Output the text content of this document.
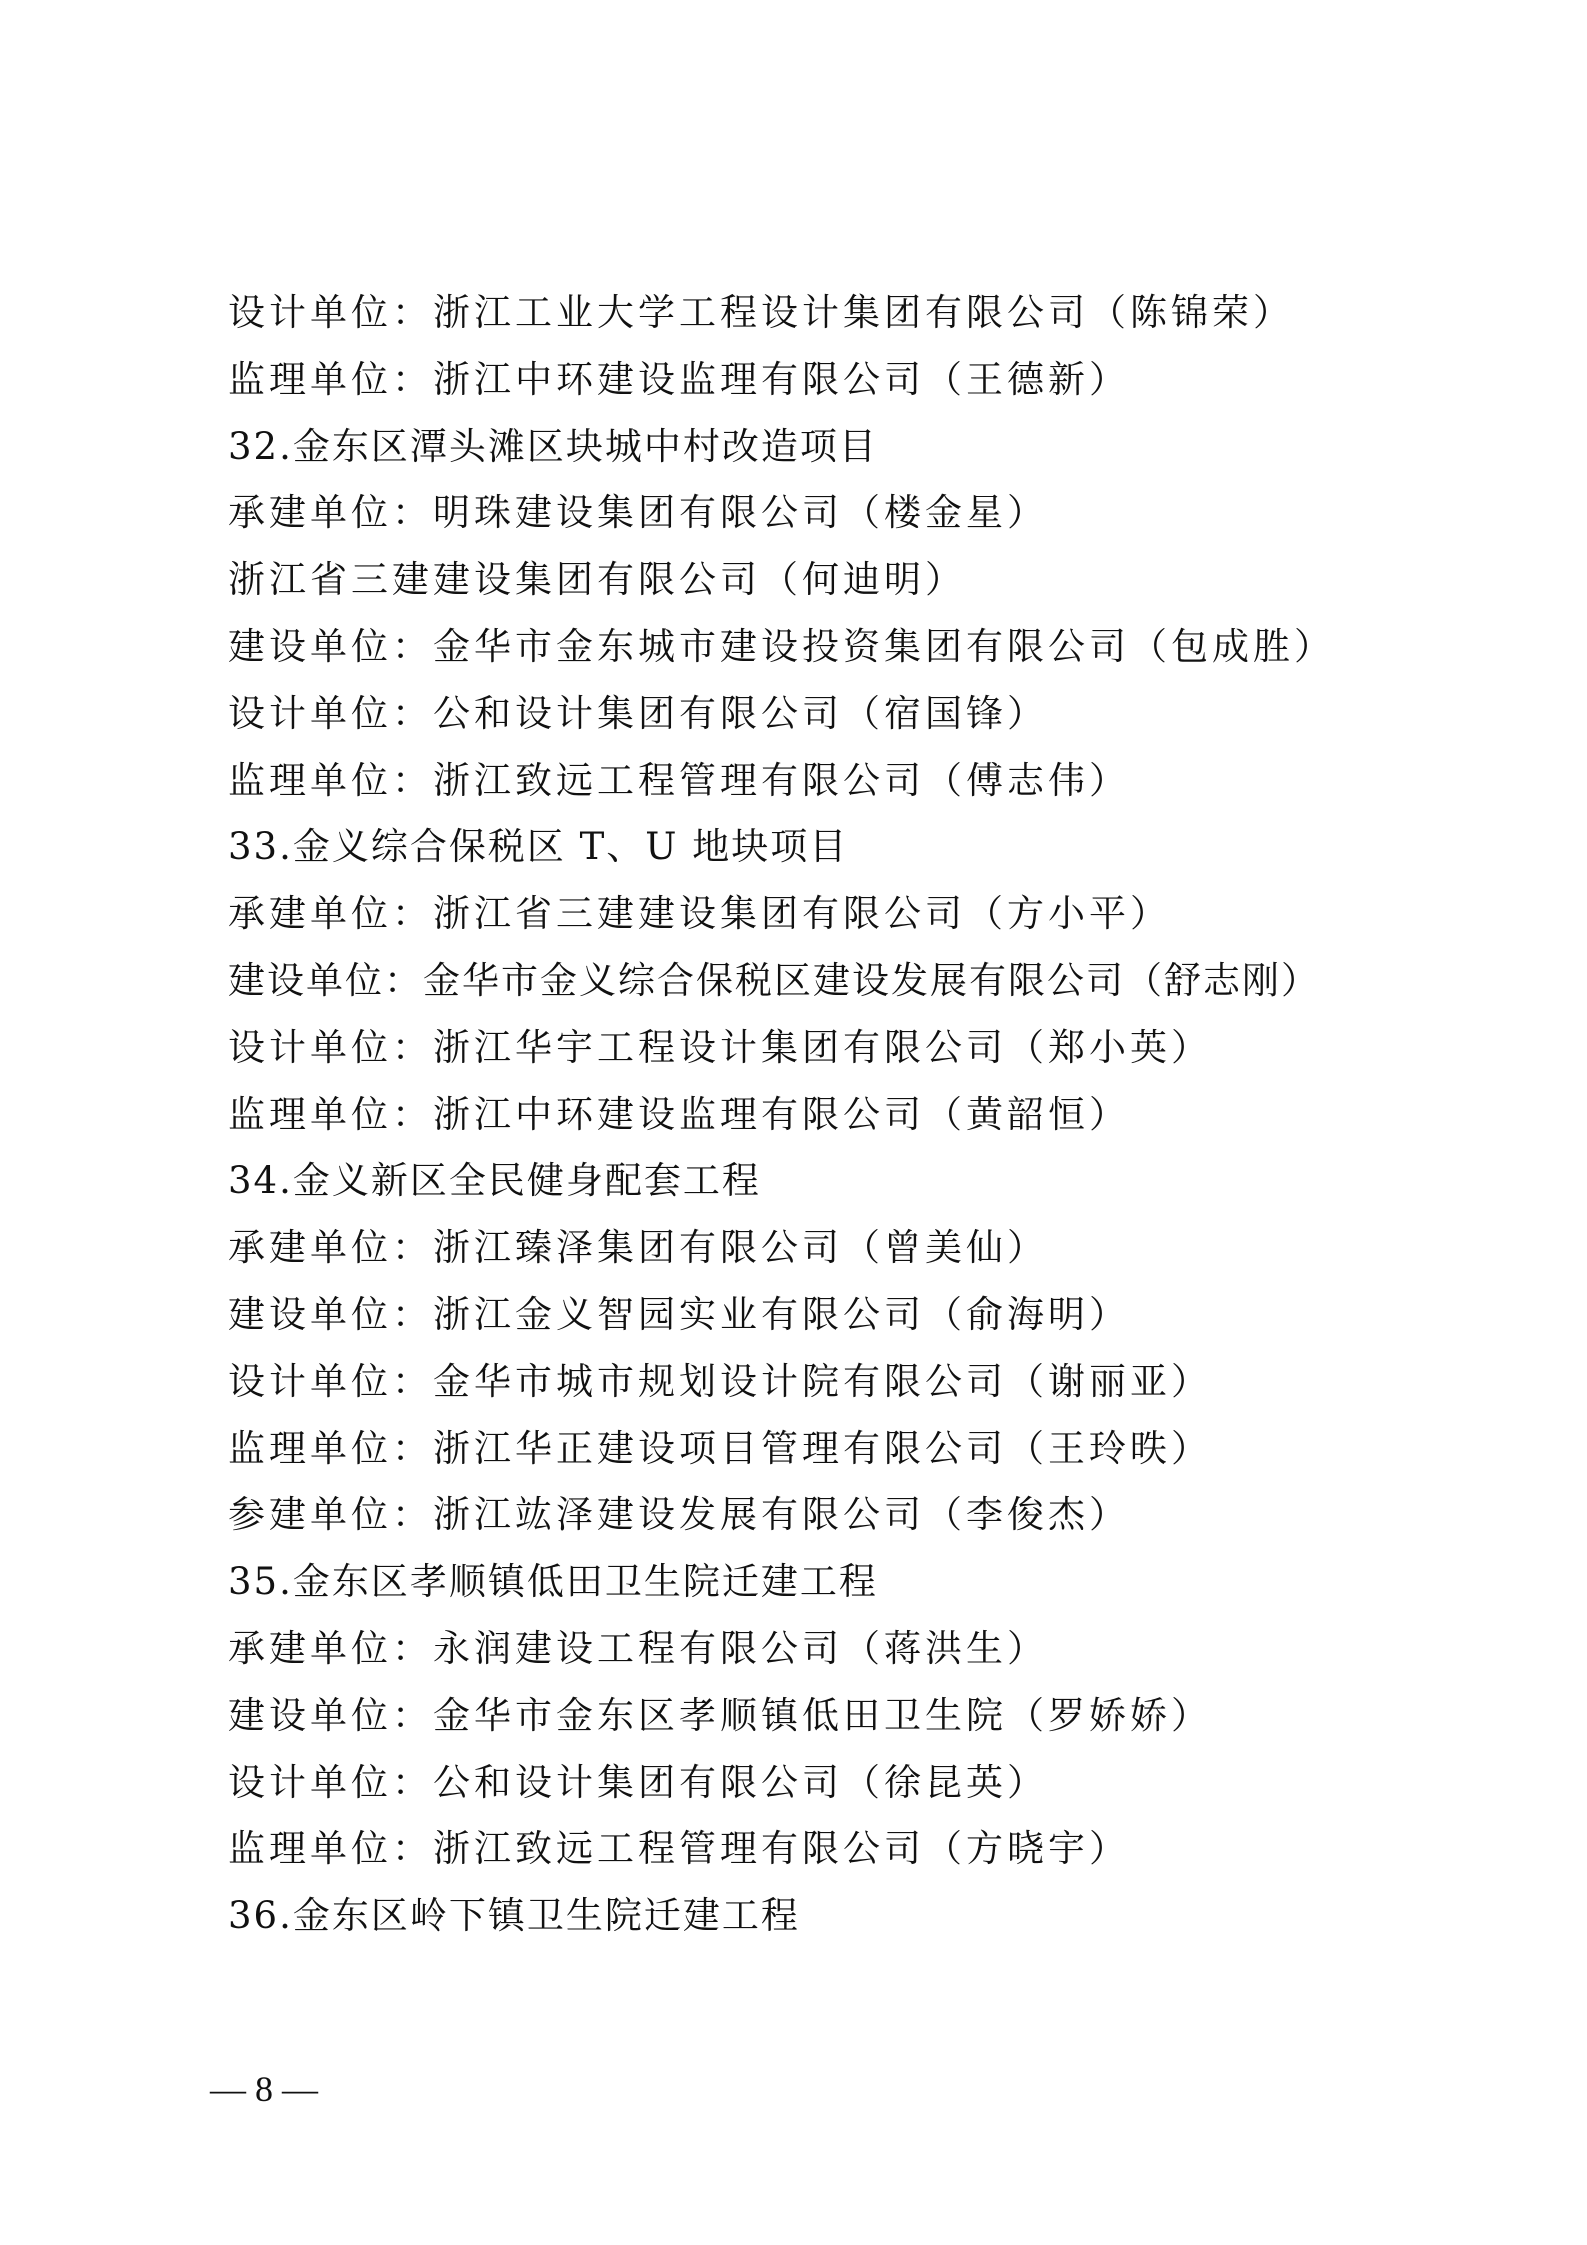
设计单位：浙江工业大学工程设计集团有限公司（陈锦荣）
监理单位：浙江中环建设监理有限公司（王德新）
32.金东区潭头滩区块城中村改造项目
承建单位：明珠建设集团有限公司（楼金星）
浙江省三建建设集团有限公司（何迪明）
建设单位：金华市金东城市建设投资集团有限公司（包成胜）
设计单位：公和设计集团有限公司（宿国锋）
监理单位：浙江致远工程管理有限公司（傅志伟）
33.金义综合保税区 T、U 地块项目
承建单位：浙江省三建建设集团有限公司（方小平）
建设单位：金华市金义综合保税区建设发展有限公司（舒志刚）
设计单位：浙江华宇工程设计集团有限公司（郑小英）
监理单位：浙江中环建设监理有限公司（黄韶恒）
34.金义新区全民健身配套工程
承建单位：浙江臻泽集团有限公司（曾美仙）
建设单位：浙江金义智园实业有限公司（俞海明）
设计单位：金华市城市规划设计院有限公司（谢丽亚）
监理单位：浙江华正建设项目管理有限公司（王玲昳）
参建单位：浙江竑泽建设发展有限公司（李俊杰）
35.金东区孝顺镇低田卫生院迁建工程
承建单位：永润建设工程有限公司（蒋洪生）
建设单位：金华市金东区孝顺镇低田卫生院（罗娇娇）
设计单位：公和设计集团有限公司（徐昆英）
监理单位：浙江致远工程管理有限公司（方晓宇）
36.金东区岭下镇卫生院迁建工程
— 8 —
